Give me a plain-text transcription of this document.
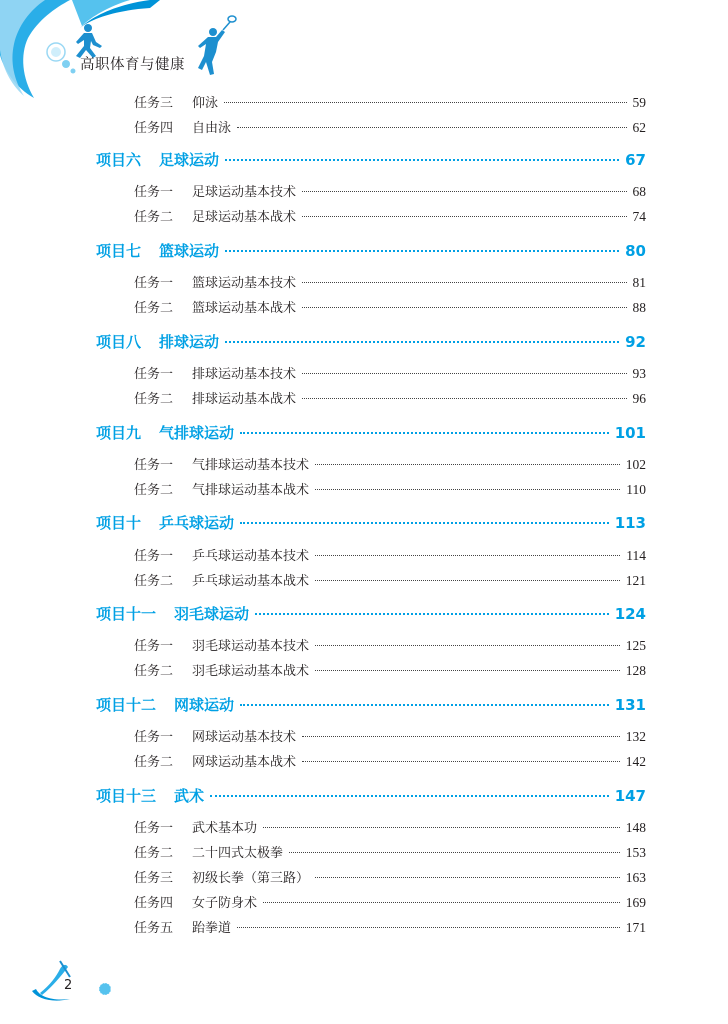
高职体育与健康
任务三 仰泳	59
任务四 自由泳	62
项目六 足球运动	67
任务一 足球运动基本技术	68
任务二 足球运动基本战术	74
项目七 篮球运动	80
任务一 篮球运动基本技术	81
任务二 篮球运动基本战术	88
项目八 排球运动	92
任务一 排球运动基本技术	93
任务二 排球运动基本战术	96
项目九 气排球运动	101
任务一 气排球运动基本技术	102
任务二 气排球运动基本战术	110
项目十 乒乓球运动	113
任务一 乒乓球运动基本技术	114
任务二 乒乓球运动基本战术	121
项目十一 羽毛球运动	124
任务一 羽毛球运动基本技术	125
任务二 羽毛球运动基本战术	128
项目十二 网球运动	131
任务一 网球运动基本技术	132
任务二 网球运动基本战术	142
项目十三 武术	147
任务一 武术基本功	148
任务二 二十四式太极拳	153
任务三 初级长拳（第三路）	163
任务四 女子防身术	169
任务五 跆拳道	171
2
